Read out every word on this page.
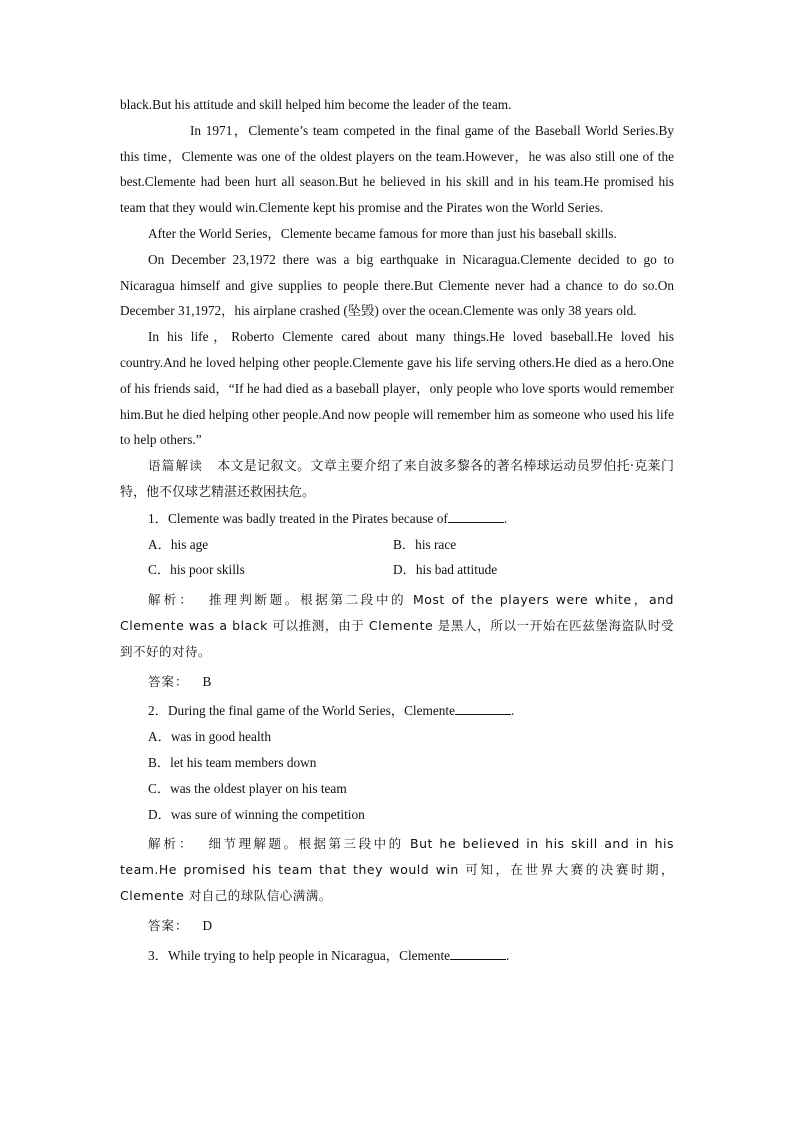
black.But his attitude and skill helped him become the leader of the team.

In 1971，Clemente’s team competed in the final game of the Baseball World Series.By this time，Clemente was one of the oldest players on the team.However，he was also still one of the best.Clemente had been hurt all season.But he believed in his skill and in his team.He promised his team that they would win.Clemente kept his promise and the Pirates won the World Series.

After the World Series，Clemente became famous for more than just his baseball skills.

On December 23,1972 there was a big earthquake in Nicaragua.Clemente decided to go to Nicaragua himself and give supplies to people there.But Clemente never had a chance to do so.On December 31,1972，his airplane crashed (坠毁) over the ocean.Clemente was only 38 years old.

In his life，Roberto Clemente cared about many things.He loved baseball.He loved his country.And he loved helping other people.Clemente gave his life serving others.He died as a hero.One of his friends said，“If he had died as a baseball player，only people who love sports would remember him.But he died helping other people.And now people will remember him as someone who used his life to help others.”

语篇解读 本文是记叙文。文章主要介绍了来自波多黎各的著名棒球运动员罗伯托·克莱门特，他不仅球艺精湛还救困扶危。

1．Clemente was badly treated in the Pirates because of	.

A．his age	B．his race
C．his poor skills	D．his bad attitude

解析： 推理判断题。根据第二段中的 Most of the players were white，and Clemente was a black 可以推测，由于 Clemente 是黑人，所以一开始在匹兹堡海盗队时受到不好的对待。

答案： B

2．During the final game of the World Series，Clemente	.

A．was in good health

B．let his team members down

C．was the oldest player on his team

D．was sure of winning the competition

解析： 细节理解题。根据第三段中的 But he believed in his skill and in his team.He promised his team that they would win 可知，在世界大赛的决赛时期，Clemente 对自己的球队信心满满。

答案： D

3．While trying to help people in Nicaragua，Clemente	.
